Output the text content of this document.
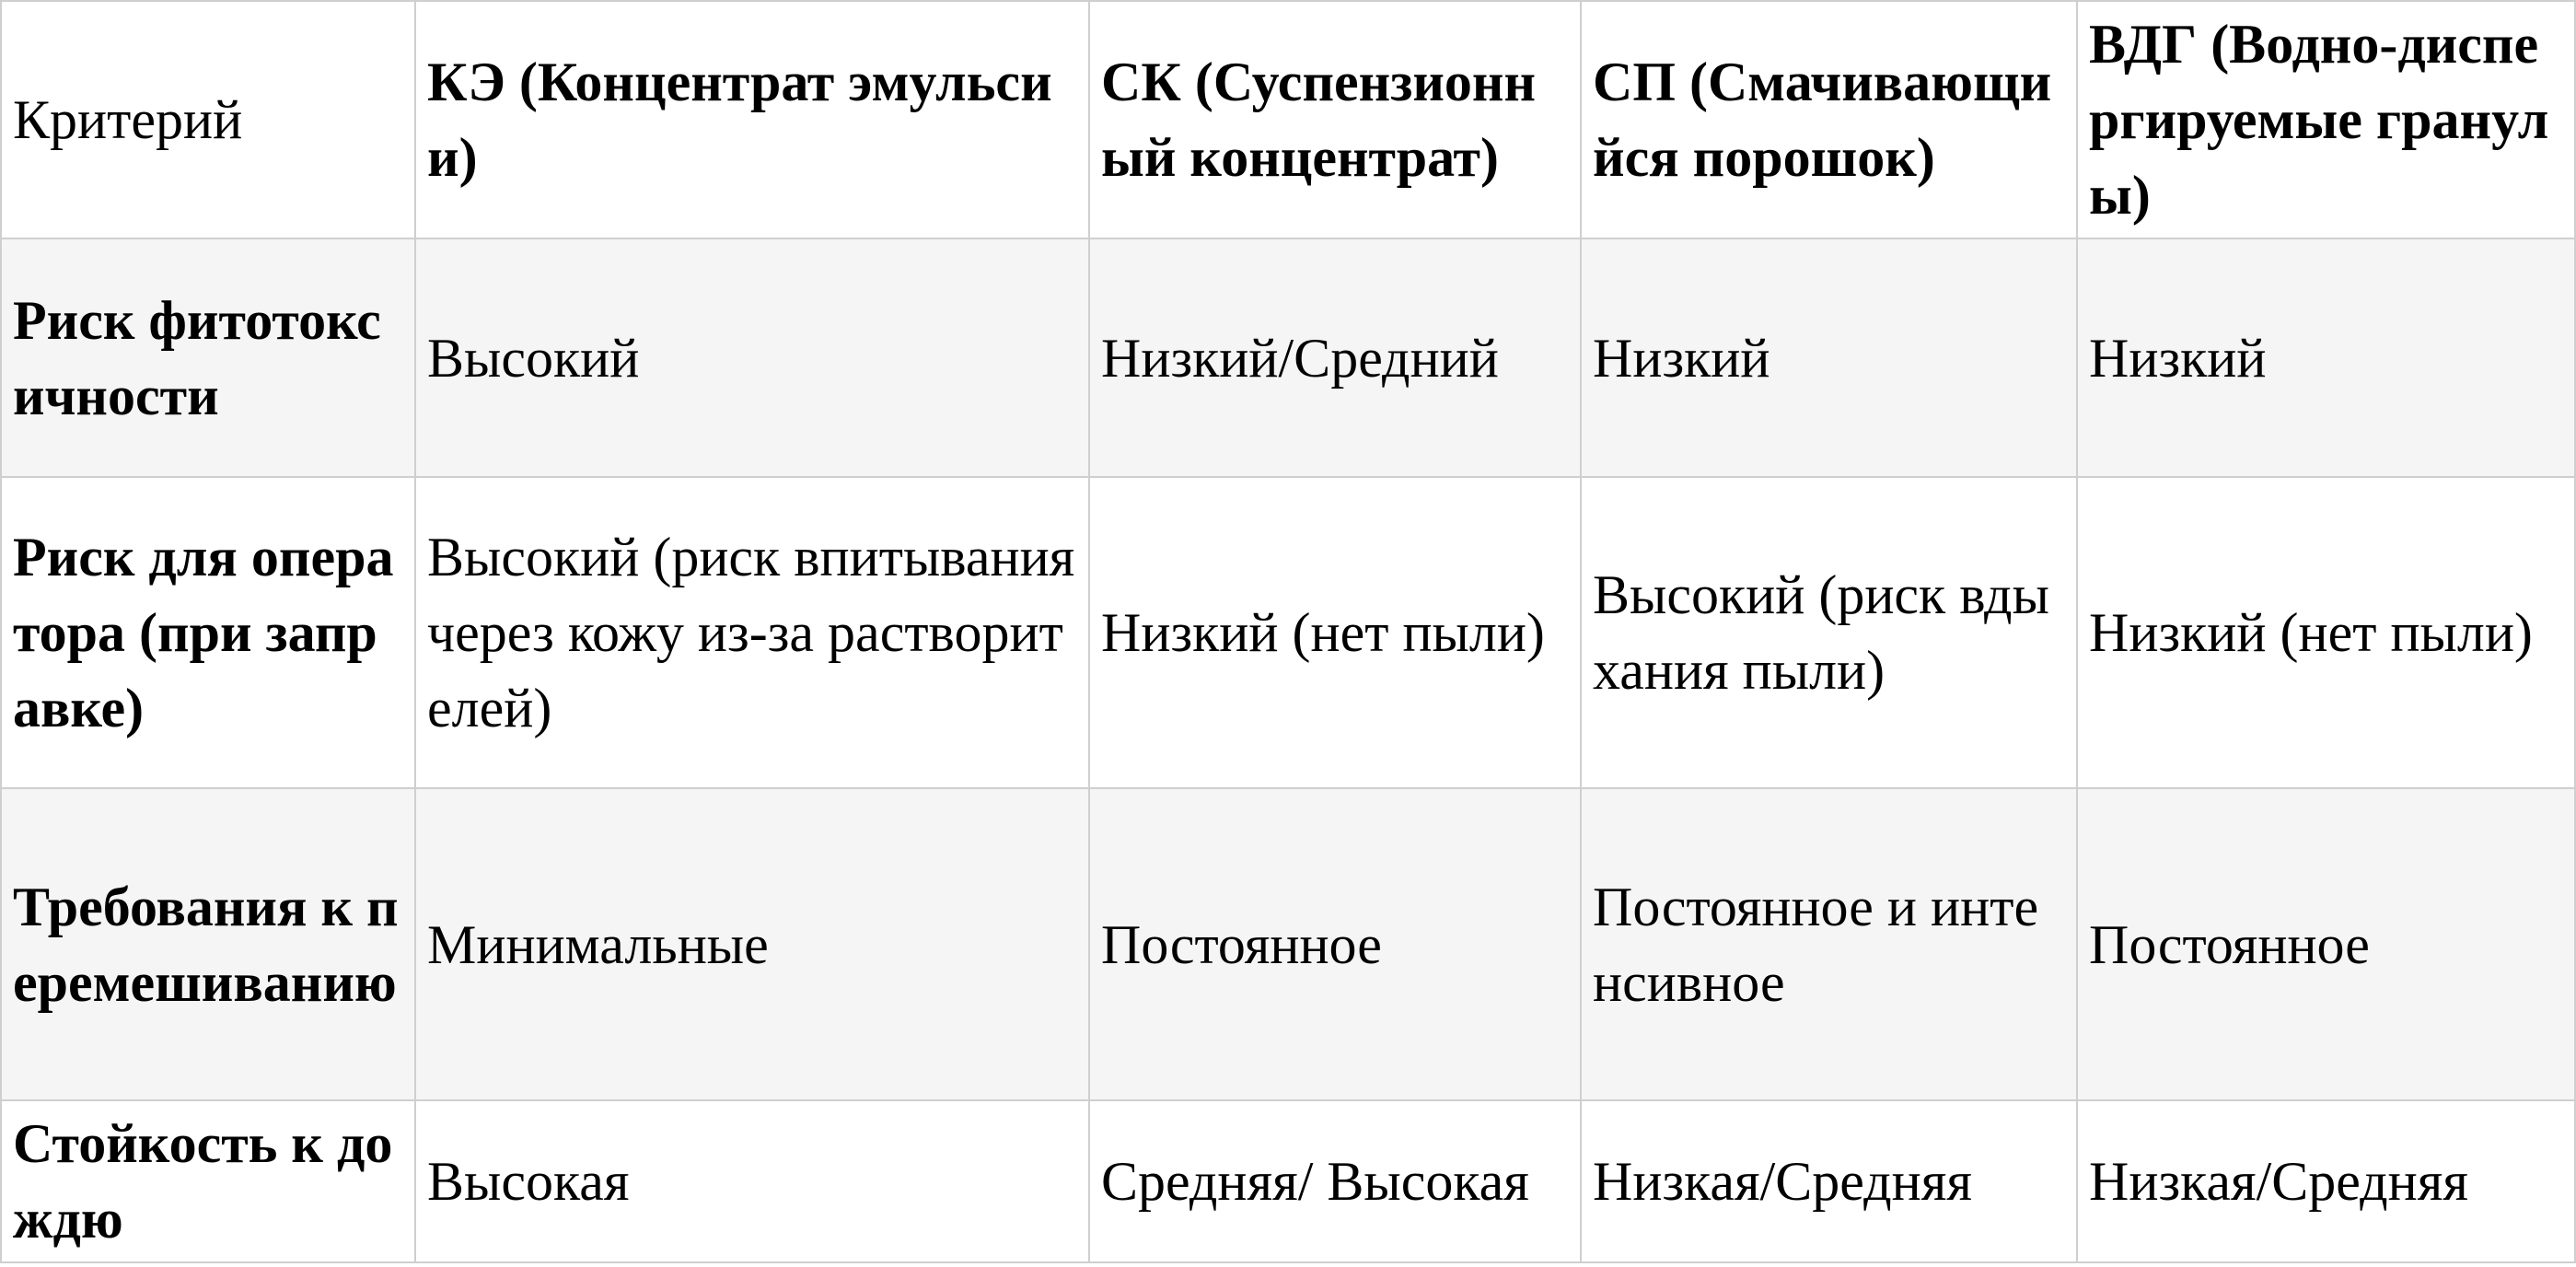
Критерий	КЭ (Концентрат эмульсии)	СК (Суспензионный концентрат)	СП (Смачивающийся порошок)	ВДГ (Водно-диспергируемые гранулы)
Риск фитотоксичности	Высокий	Низкий/Средний	Низкий	Низкий
Риск для оператора (при заправке)	Высокий (риск впитывания через кожу из-за растворителей)	Низкий (нет пыли)	Высокий (риск вдыхания пыли)	Низкий (нет пыли)
Требования к перемешиванию	Минимальные	Постоянное	Постоянное и интенсивное	Постоянное
Стойкость к дождю	Высокая	Средняя/ Высокая	Низкая/Средняя	Низкая/Средняя
